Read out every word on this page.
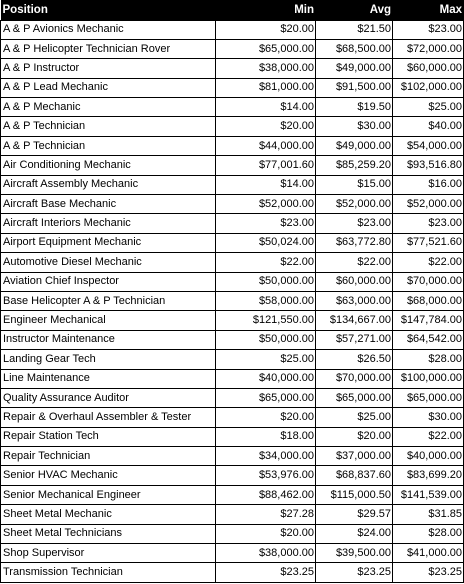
Position	Min	Avg	Max
A & P Avionics Mechanic	$20.00	$21.50	$23.00
A & P Helicopter Technician Rover	$65,000.00	$68,500.00	$72,000.00
A & P Instructor	$38,000.00	$49,000.00	$60,000.00
A & P Lead Mechanic	$81,000.00	$91,500.00	$102,000.00
A & P Mechanic	$14.00	$19.50	$25.00
A & P Technician	$20.00	$30.00	$40.00
A & P Technician	$44,000.00	$49,000.00	$54,000.00
Air Conditioning Mechanic	$77,001.60	$85,259.20	$93,516.80
Aircraft Assembly Mechanic	$14.00	$15.00	$16.00
Aircraft Base Mechanic	$52,000.00	$52,000.00	$52,000.00
Aircraft Interiors Mechanic	$23.00	$23.00	$23.00
Airport Equipment Mechanic	$50,024.00	$63,772.80	$77,521.60
Automotive Diesel Mechanic	$22.00	$22.00	$22.00
Aviation Chief Inspector	$50,000.00	$60,000.00	$70,000.00
Base Helicopter A & P Technician	$58,000.00	$63,000.00	$68,000.00
Engineer Mechanical	$121,550.00	$134,667.00	$147,784.00
Instructor Maintenance	$50,000.00	$57,271.00	$64,542.00
Landing Gear Tech	$25.00	$26.50	$28.00
Line Maintenance	$40,000.00	$70,000.00	$100,000.00
Quality Assurance Auditor	$65,000.00	$65,000.00	$65,000.00
Repair & Overhaul Assembler & Tester	$20.00	$25.00	$30.00
Repair Station Tech	$18.00	$20.00	$22.00
Repair Technician	$34,000.00	$37,000.00	$40,000.00
Senior HVAC Mechanic	$53,976.00	$68,837.60	$83,699.20
Senior Mechanical Engineer	$88,462.00	$115,000.50	$141,539.00
Sheet Metal Mechanic	$27.28	$29.57	$31.85
Sheet Metal Technicians	$20.00	$24.00	$28.00
Shop Supervisor	$38,000.00	$39,500.00	$41,000.00
Transmission Technician	$23.25	$23.25	$23.25
